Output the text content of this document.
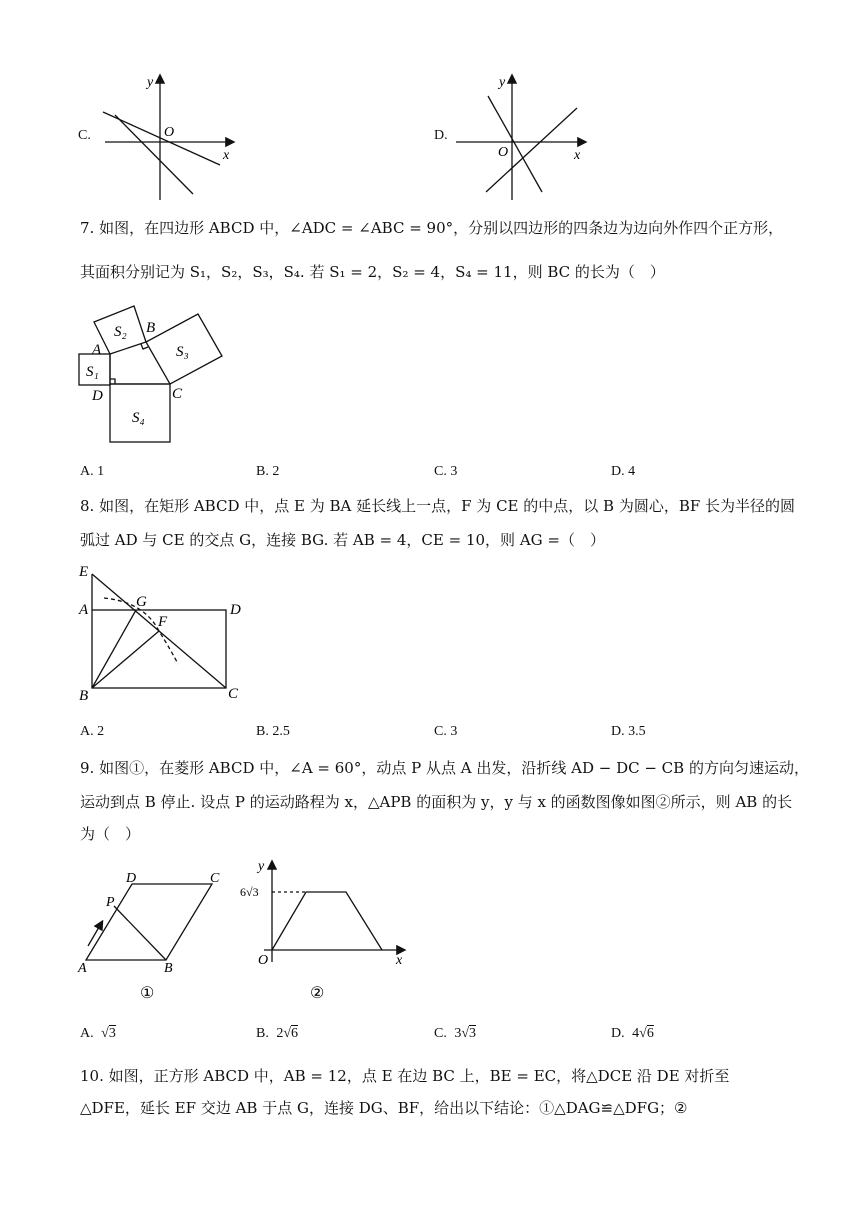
C.
y
O
x
D.
y
O	x
7. 如图，在四边形 ABCD 中，∠ADC = ∠ABC = 90°，分别以四边形的四条边为边向外作四个正方形，
其面积分别记为 S₁，S₂，S₃，S₄. 若 S₁ = 2，S₂ = 4，S₄ = 11，则 BC 的长为（　）
A
B
C
D
S₁
S₂
S₃
S₄
A. 1	B. 2	C. 3	D. 4
8. 如图，在矩形 ABCD 中，点 E 为 BA 延长线上一点，F 为 CE 的中点，以 B 为圆心，BF 长为半径的圆
弧过 AD 与 CE 的交点 G，连接 BG. 若 AB = 4，CE = 10，则 AG =（　）
E
A	G	D
F
B	C
A. 2	B. 2.5	C. 3	D. 3.5
9. 如图①，在菱形 ABCD 中，∠A = 60°，动点 P 从点 A 出发，沿折线 AD − DC − CB 的方向匀速运动，
运动到点 B 停止. 设点 P 的运动路程为 x，△APB 的面积为 y，y 与 x 的函数图像如图②所示，则 AB 的长
为（　）
A	B
C
D
P
①
y
x
O
6√3
②
A. √3	B. 2√6	C. 3√3	D. 4√6
10. 如图，正方形 ABCD 中，AB = 12，点 E 在边 BC 上，BE = EC，将△DCE 沿 DE 对折至
△DFE，延长 EF 交边 AB 于点 G，连接 DG、BF，给出以下结论：①△DAG≌△DFG；②
